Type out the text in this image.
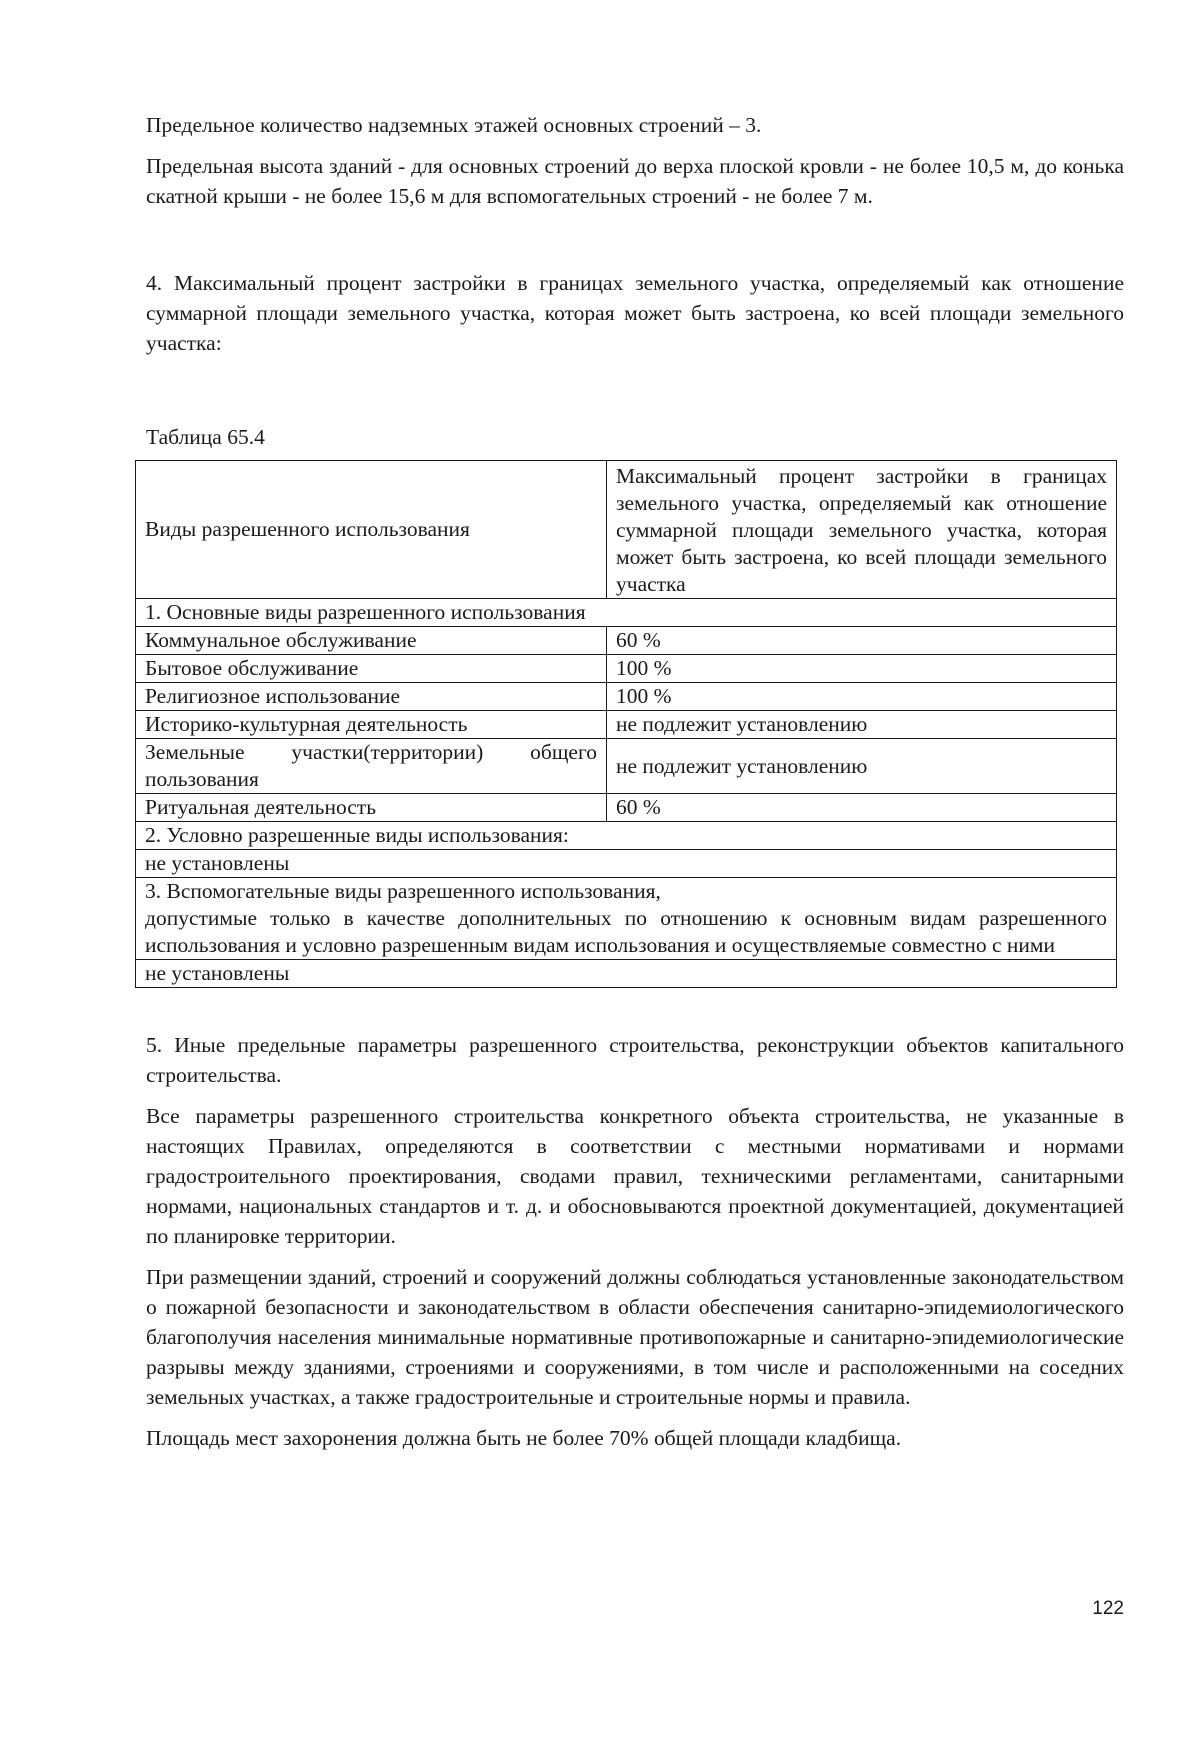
Предельное количество надземных этажей основных строений – 3.

Предельная высота зданий - для основных строений до верха плоской кровли - не более 10,5 м, до конька скатной крыши - не более 15,6 м для вспомогательных строений - не более 7 м.

4. Максимальный процент застройки в границах земельного участка, определяемый как отношение суммарной площади земельного участка, которая может быть застроена, ко всей площади земельного участка:

Таблица 65.4

Виды разрешенного использования	Максимальный процент застройки в границах земельного участка, определяемый как отношение суммарной площади земельного участка, которая может быть застроена, ко всей площади земельного участка
1. Основные виды разрешенного использования	
Коммунальное обслуживание	60 %
Бытовое обслуживание	100 %
Религиозное использование	100 %
Историко-культурная деятельность	не подлежит установлению
Земельные участки(территории) общего пользования	не подлежит установлению
Ритуальная деятельность	60 %
2. Условно разрешенные виды использования:	
не установлены	

3. Вспомогательные виды разрешенного использования,
допустимые только в качестве дополнительных по отношению к основным видам разрешенного использования и условно разрешенным видам использования и осуществляемые совместно с ними	

не установлены	

5. Иные предельные параметры разрешенного строительства, реконструкции объектов капитального строительства.

Все параметры разрешенного строительства конкретного объекта строительства, не указанные в настоящих Правилах, определяются в соответствии с местными нормативами и нормами градостроительного проектирования, сводами правил, техническими регламентами, санитарными нормами, национальных стандартов и т. д. и обосновываются проектной документацией, документацией по планировке территории.

При размещении зданий, строений и сооружений должны соблюдаться установленные законодательством о пожарной безопасности и законодательством в области обеспечения санитарно-эпидемиологического благополучия населения минимальные нормативные противопожарные и санитарно-эпидемиологические разрывы между зданиями, строениями и сооружениями, в том числе и расположенными на соседних земельных участках, а также градостроительные и строительные нормы и правила.

Площадь мест захоронения должна быть не более 70% общей площади кладбища.

122
